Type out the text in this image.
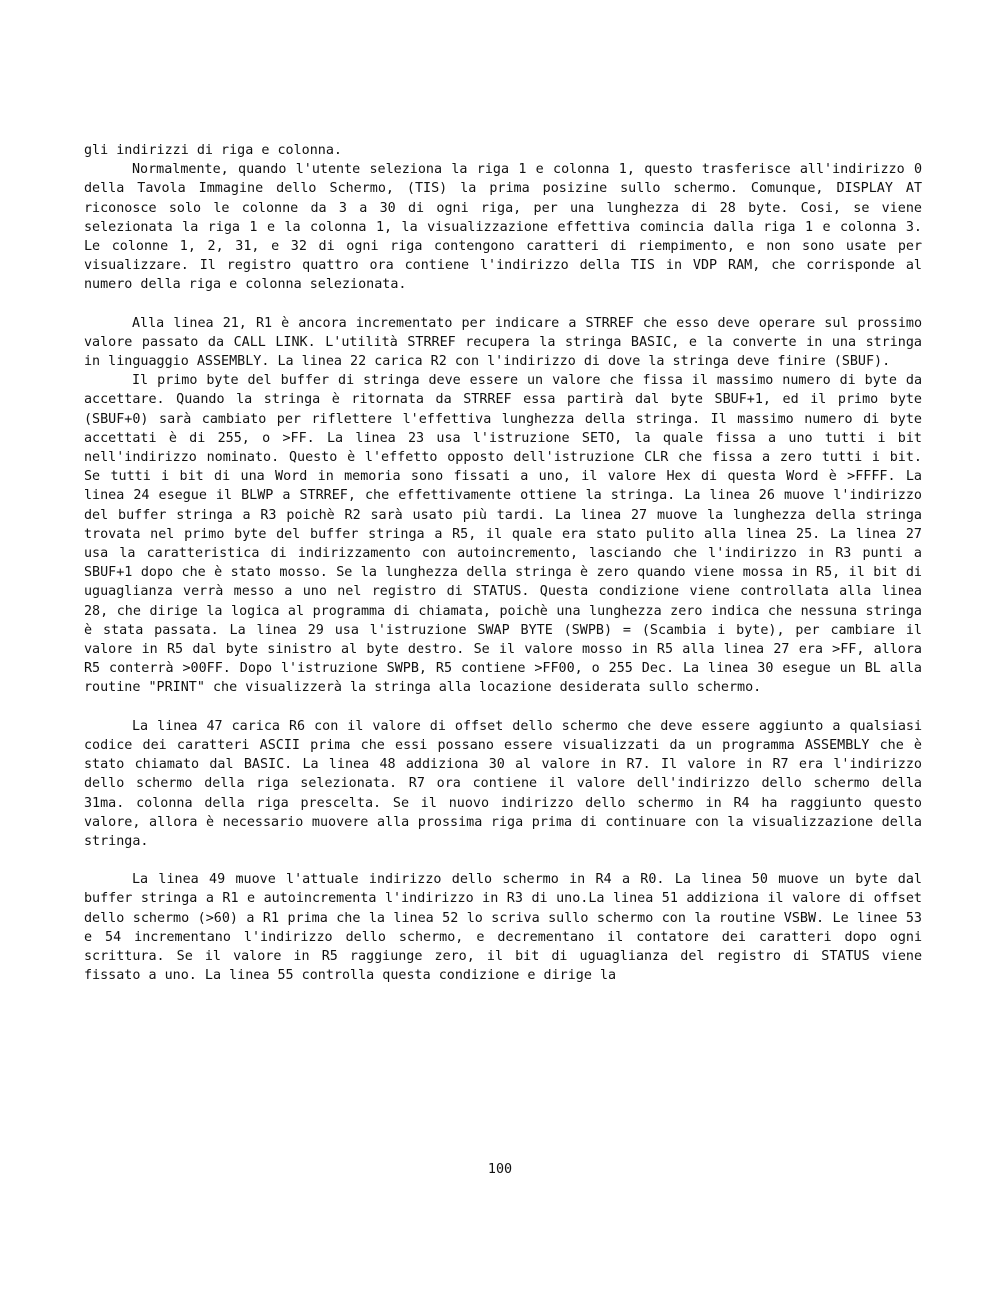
gli indirizzi di riga e colonna.

Normalmente, quando l'utente seleziona la riga 1 e colonna 1, questo trasferisce all'indirizzo 0 della Tavola Immagine dello Schermo, (TIS) la prima posizine sullo schermo. Comunque, DISPLAY AT riconosce solo le colonne da 3 a 30 di ogni riga, per una lunghezza di 28 byte. Cosi, se viene selezionata la riga 1 e la colonna 1, la visualizzazione effettiva comincia dalla riga 1 e colonna 3. Le colonne 1, 2, 31, e 32 di ogni riga contengono caratteri di riempimento, e non sono usate per visualizzare. Il registro quattro ora contiene l'indirizzo della TIS in VDP RAM, che corrisponde al numero della riga e colonna selezionata.

Alla linea 21, R1 è ancora incrementato per indicare a STRREF che esso deve operare sul prossimo valore passato da CALL LINK. L'utilità STRREF recupera la stringa BASIC, e la converte in una stringa in linguaggio ASSEMBLY. La linea 22 carica R2 con l'indirizzo di dove la stringa deve finire (SBUF).

Il primo byte del buffer di stringa deve essere un valore che fissa il massimo numero di byte da accettare. Quando la stringa è ritornata da STRREF essa partirà dal byte SBUF+1, ed il primo byte (SBUF+0) sarà cambiato per riflettere l'effettiva lunghezza della stringa. Il massimo numero di byte accettati è di 255, o >FF. La linea 23 usa l'istruzione SETO, la quale fissa a uno tutti i bit nell'indirizzo nominato. Questo è l'effetto opposto dell'istruzione CLR che fissa a zero tutti i bit. Se tutti i bit di una Word in memoria sono fissati a uno, il valore Hex di questa Word è >FFFF. La linea 24 esegue il BLWP a STRREF, che effettivamente ottiene la stringa. La linea 26 muove l'indirizzo del buffer stringa a R3 poichè R2 sarà usato più tardi. La linea 27 muove la lunghezza della stringa trovata nel primo byte del buffer stringa a R5, il quale era stato pulito alla linea 25. La linea 27 usa la caratteristica di indirizzamento con autoincremento, lasciando che l'indirizzo in R3 punti a SBUF+1 dopo che è stato mosso. Se la lunghezza della stringa è zero quando viene mossa in R5, il bit di uguaglianza verrà messo a uno nel registro di STATUS. Questa condizione viene controllata alla linea 28, che dirige la logica al programma di chiamata, poichè una lunghezza zero indica che nessuna stringa è stata passata. La linea 29 usa l'istruzione SWAP BYTE (SWPB) = (Scambia i byte), per cambiare il valore in R5 dal byte sinistro al byte destro. Se il valore mosso in R5 alla linea 27 era >FF, allora R5 conterrà >00FF. Dopo l'istruzione SWPB, R5 contiene >FF00, o 255 Dec. La linea 30 esegue un BL alla routine "PRINT" che visualizzerà la stringa alla locazione desiderata sullo schermo.

La linea 47 carica R6 con il valore di offset dello schermo che deve essere aggiunto a qualsiasi codice dei caratteri ASCII prima che essi possano essere visualizzati da un programma ASSEMBLY che è stato chiamato dal BASIC. La linea 48 addiziona 30 al valore in R7. Il valore in R7 era l'indirizzo dello schermo della riga selezionata. R7 ora contiene il valore dell'indirizzo dello schermo della 31ma. colonna della riga prescelta. Se il nuovo indirizzo dello schermo in R4 ha raggiunto questo valore, allora è necessario muovere alla prossima riga prima di continuare con la visualizzazione della stringa.

La linea 49 muove l'attuale indirizzo dello schermo in R4 a R0. La linea 50 muove un byte dal buffer stringa a R1 e autoincrementa l'indirizzo in R3 di uno.La linea 51 addiziona il valore di offset dello schermo (>60) a R1 prima che la linea 52 lo scriva sullo schermo con la routine VSBW. Le linee 53 e 54 incrementano l'indirizzo dello schermo, e decrementano il contatore dei caratteri dopo ogni scrittura. Se il valore in R5 raggiunge zero, il bit di uguaglianza del registro di STATUS viene fissato a uno. La linea 55 controlla questa condizione e dirige la

100
